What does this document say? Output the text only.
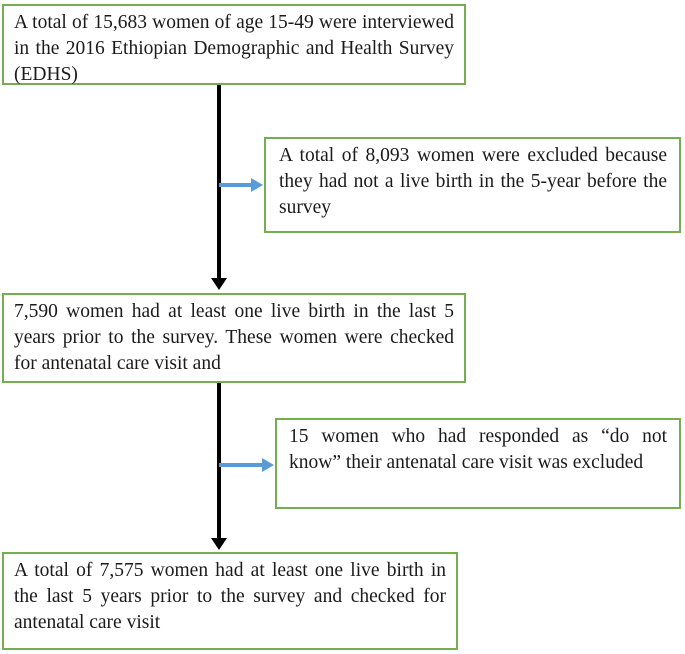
A total of 15,683 women of age 15-49 were interviewed in the 2016 Ethiopian Demographic and Health Survey (EDHS)
A total of 8,093 women were excluded because they had not a live birth in the 5-year before the survey
7,590 women had at least one live birth in the last 5 years prior to the survey. These women were checked for antenatal care visit and
15 women who had responded as “do not know” their antenatal care visit was excluded
A total of 7,575 women had at least one live birth in the last 5 years prior to the survey and checked for antenatal care visit
